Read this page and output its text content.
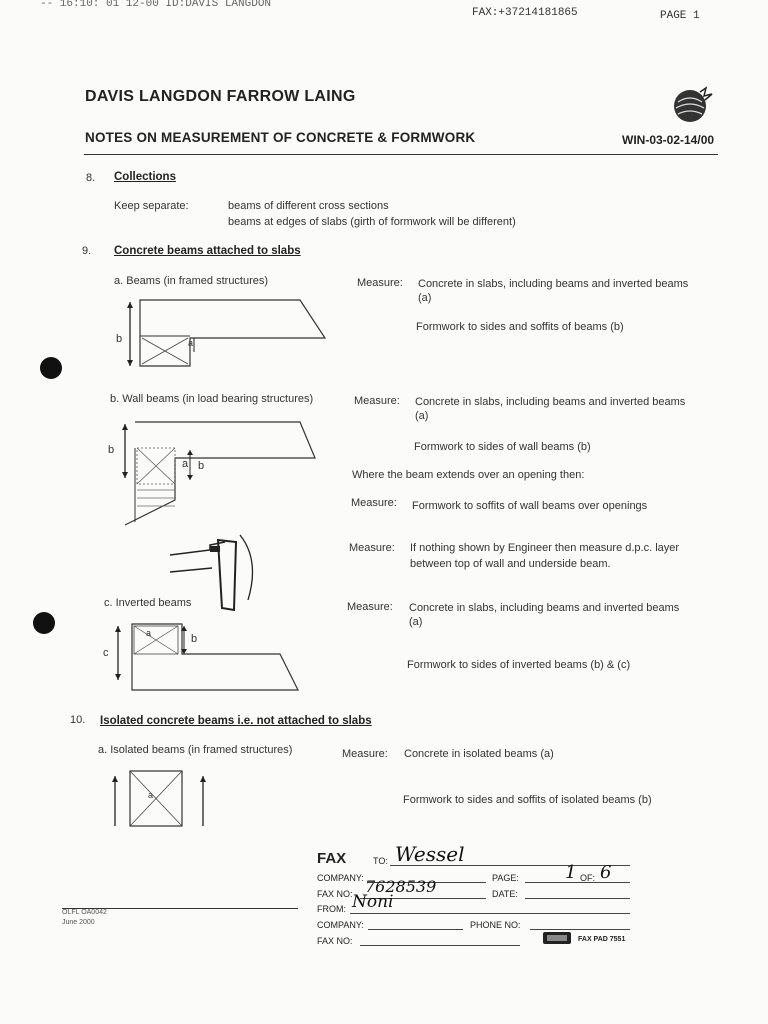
-- 16:10: 01 12-00 ID:DAVIS LANGDON
FAX:+37214181865	PAGE 1
DAVIS LANGDON FARROW LAING
NOTES ON MEASUREMENT OF CONCRETE & FORMWORK	WIN-03-02-14/00
8. Collections
Keep separate:	beams of different cross sections
beams at edges of slabs (girth of formwork will be different)
9. Concrete beams attached to slabs
a. Beams (in framed structures)	Measure: Concrete in slabs, including beams and inverted beams
(a)
Formwork to sides and soffits of beams (b)
b	a
b. Wall beams (in load bearing structures)	Measure: Concrete in slabs, including beams and inverted beams
(a)
Formwork to sides of wall beams (b)
Where the beam extends over an opening then:
Measure: Formwork to soffits of wall beams over openings
Measure: If nothing shown by Engineer then measure d.p.c. layer
between top of wall and underside beam.
b
a b
c. Inverted beams	Measure: Concrete in slabs, including beams and inverted beams
(a)
Formwork to sides of inverted beams (b) & (c)
c
a	b
10. Isolated concrete beams i.e. not attached to slabs
a. Isolated beams (in framed structures)	Measure: Concrete in isolated beams (a)
Formwork to sides and soffits of isolated beams (b)
a
OLFL OA0042
June 2000
FAX	TO: Wessel
COMPANY:	PAGE:	1 OF: 6
FAX NO: 7628539	DATE:
FROM: Noni
COMPANY:	PHONE NO:
FAX NO:	FAX PAD 7551
